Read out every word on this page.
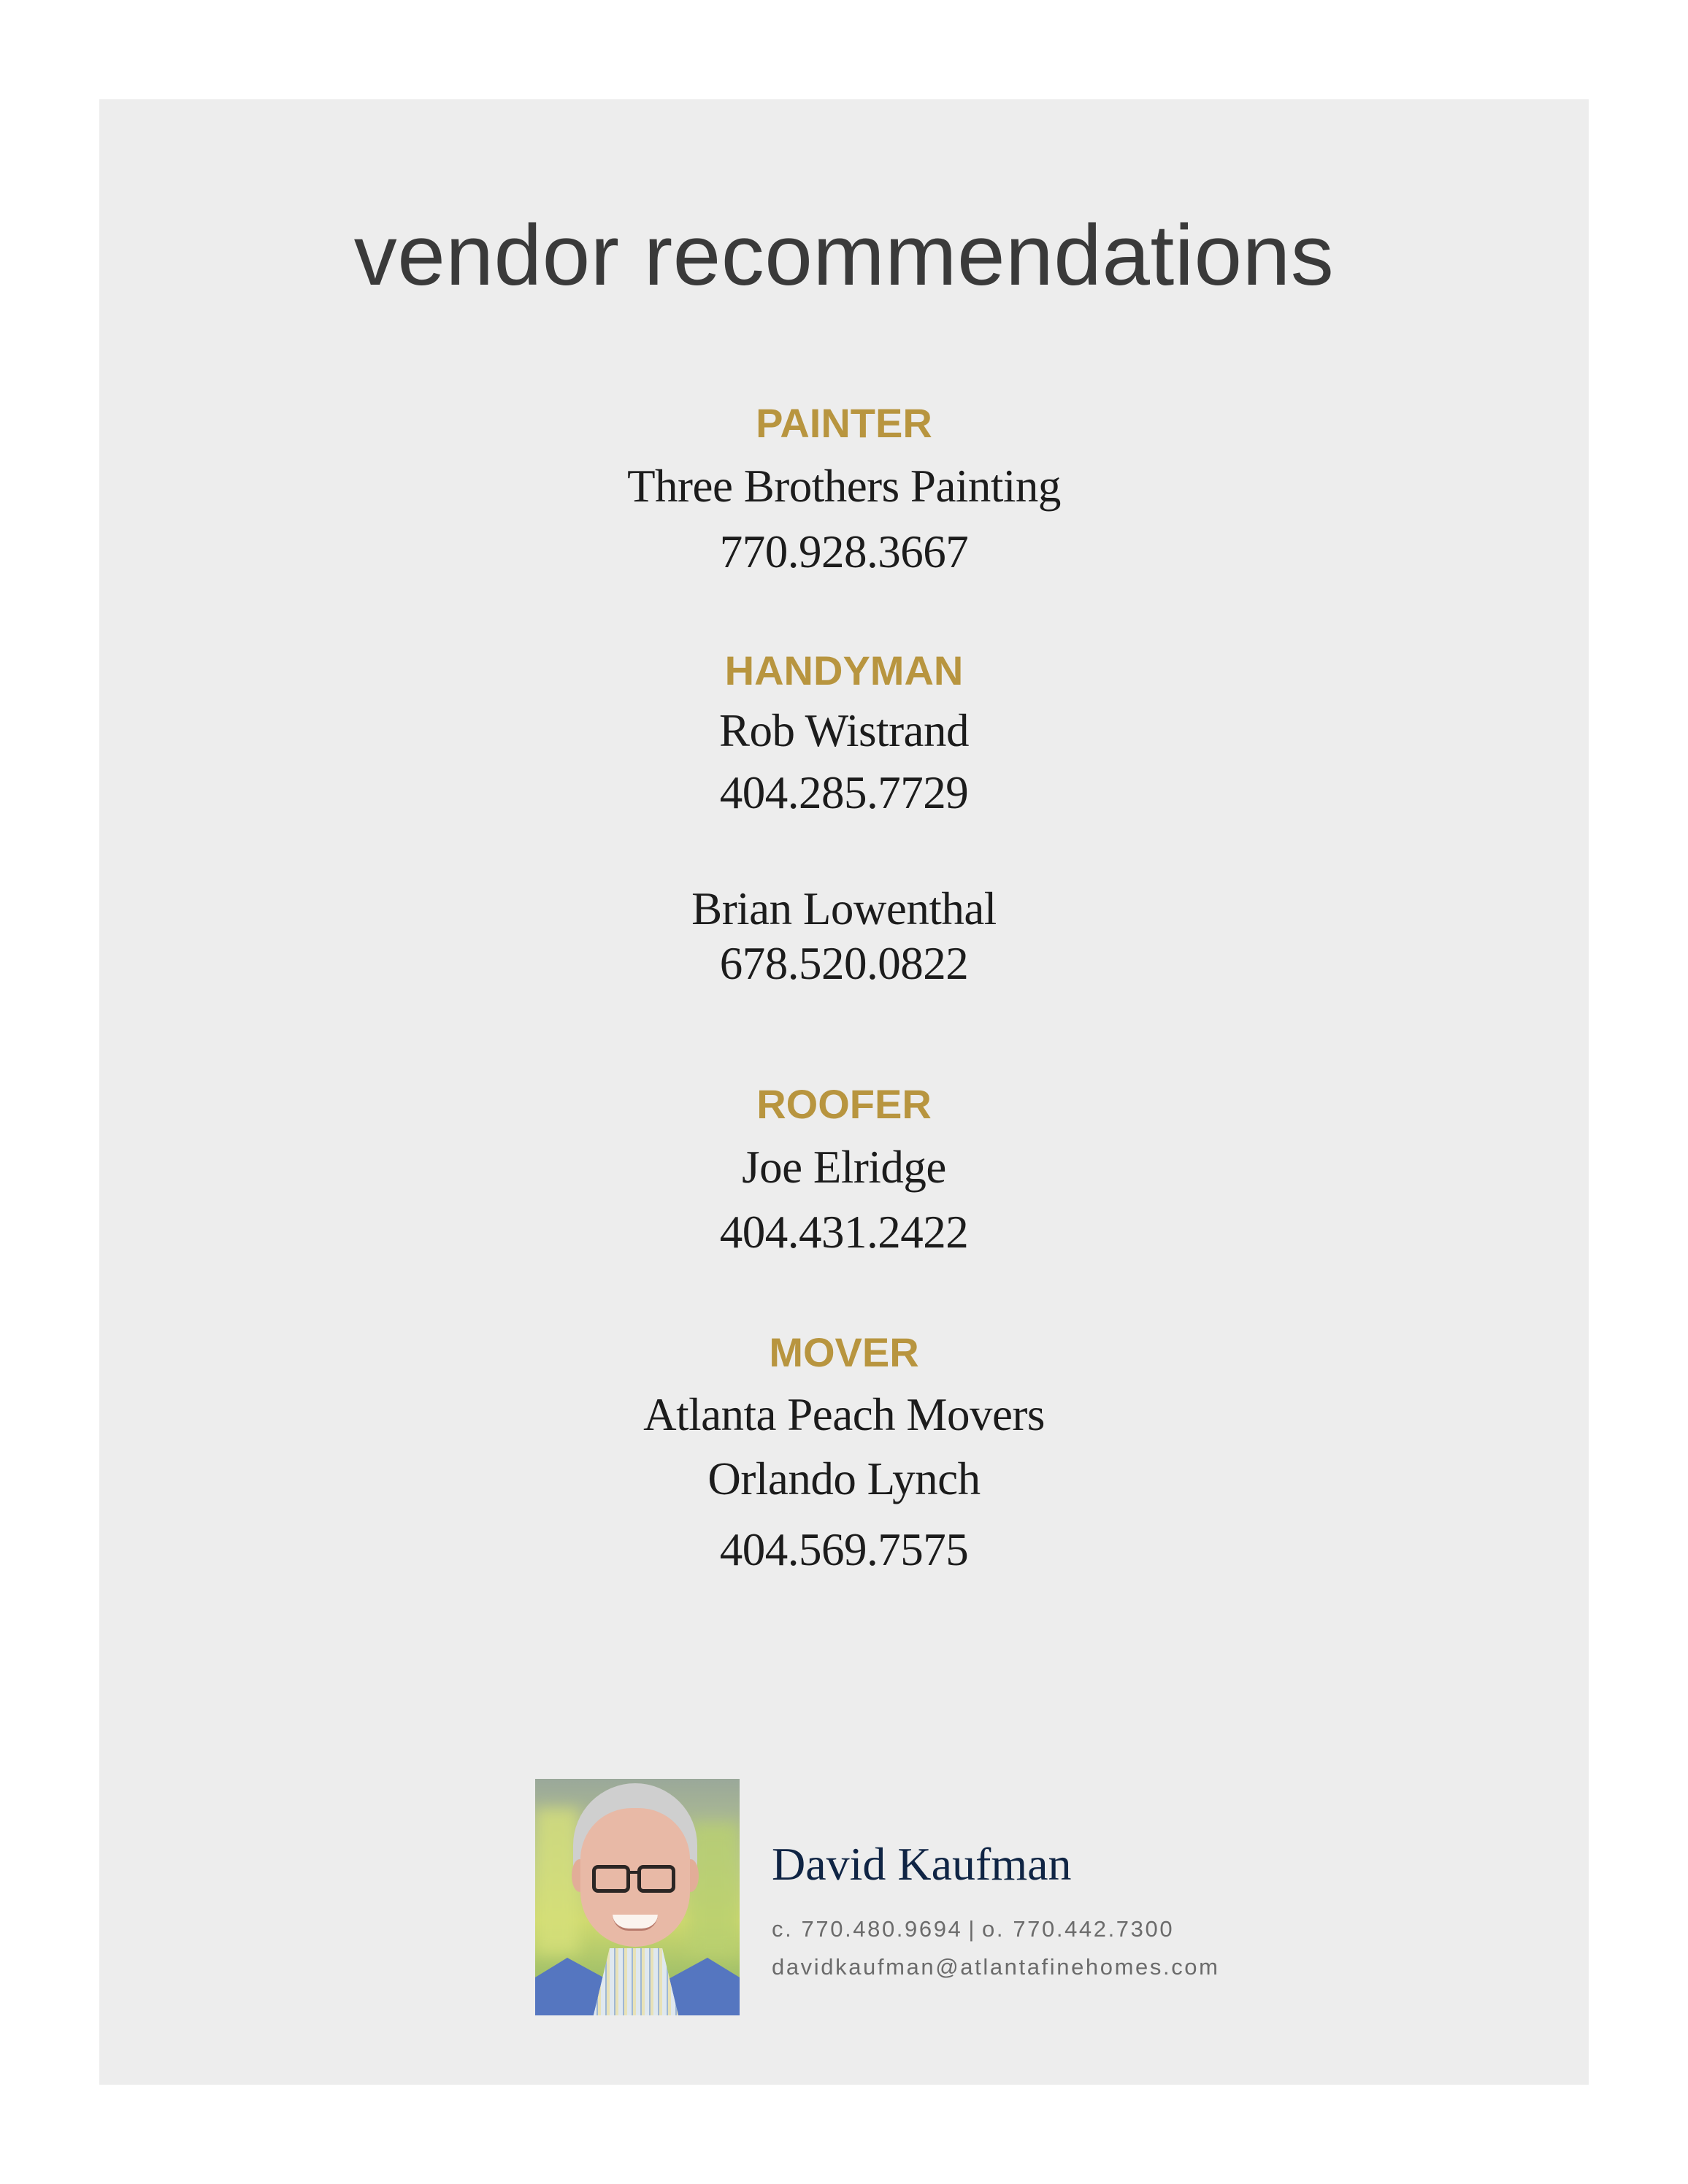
vendor recommendations
PAINTER
Three Brothers Painting
770.928.3667
HANDYMAN
Rob Wistrand
404.285.7729
Brian Lowenthal
678.520.0822
ROOFER
Joe Elridge
404.431.2422
MOVER
Atlanta Peach Movers
Orlando Lynch
404.569.7575
David Kaufman
c. 770.480.9694 | o. 770.442.7300
davidkaufman@atlantafinehomes.com
